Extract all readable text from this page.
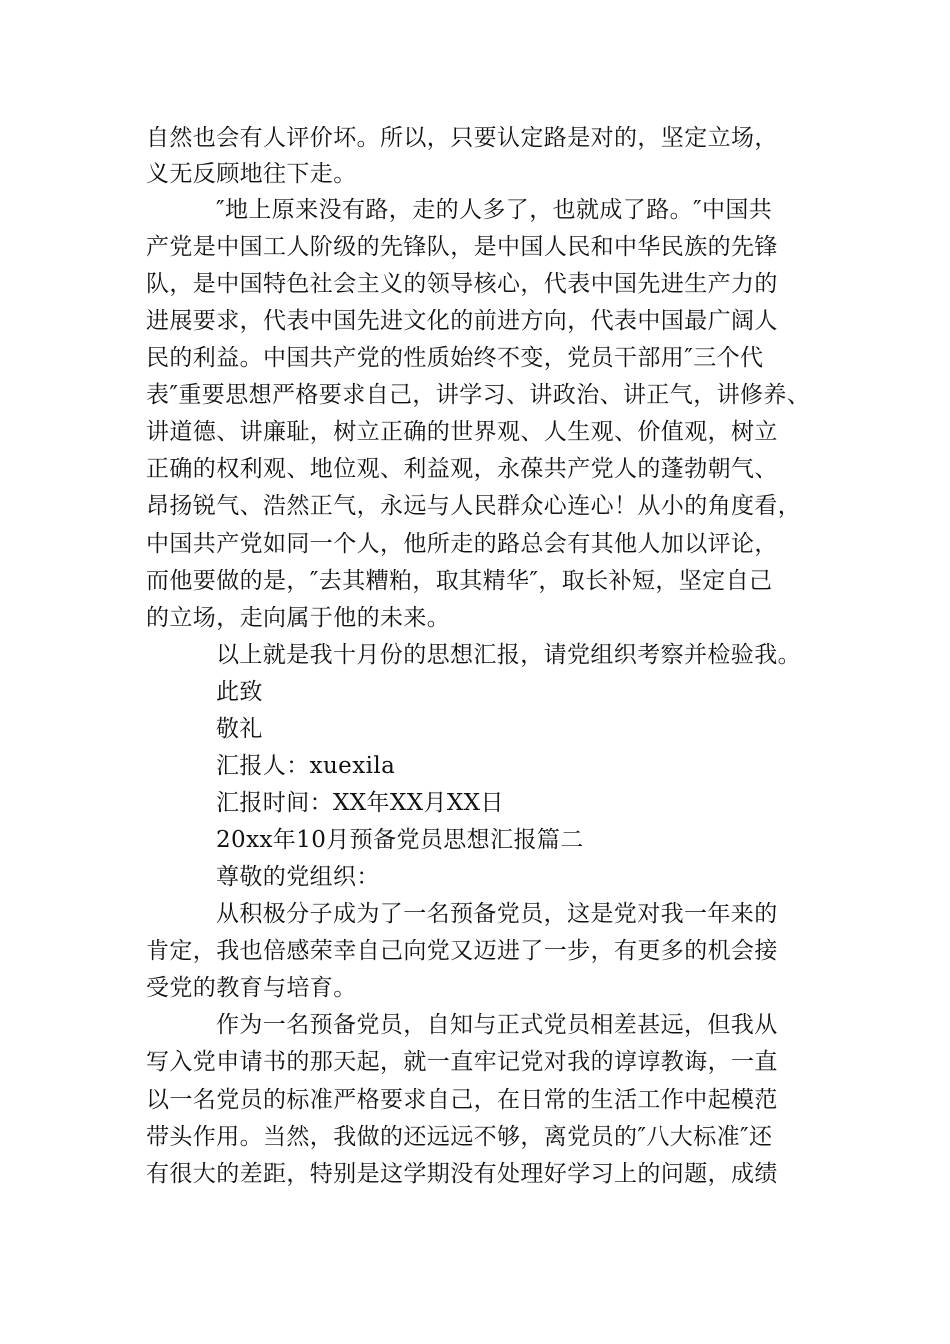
自然也会有人评价坏。所以，只要认定路是对的，坚定立场，
义无反顾地往下走。
″地上原来没有路，走的人多了，也就成了路。″中国共
产党是中国工人阶级的先锋队，是中国人民和中华民族的先锋
队，是中国特色社会主义的领导核心，代表中国先进生产力的
进展要求，代表中国先进文化的前进方向，代表中国最广阔人
民的利益。中国共产党的性质始终不变，党员干部用″三个代
表″重要思想严格要求自己，讲学习、讲政治、讲正气，讲修养、
讲道德、讲廉耻，树立正确的世界观、人生观、价值观，树立
正确的权利观、地位观、利益观，永葆共产党人的蓬勃朝气、
昂扬锐气、浩然正气，永远与人民群众心连心！从小的角度看，
中国共产党如同一个人，他所走的路总会有其他人加以评论，
而他要做的是，″去其糟粕，取其精华″，取长补短，坚定自己
的立场，走向属于他的未来。
以上就是我十月份的思想汇报，请党组织考察并检验我。
此致
敬礼
汇报人：xuexila
汇报时间：XX年XX月XX日
20xx年10月预备党员思想汇报篇二
尊敬的党组织：
从积极分子成为了一名预备党员，这是党对我一年来的
肯定，我也倍感荣幸自己向党又迈进了一步，有更多的机会接
受党的教育与培育。
作为一名预备党员，自知与正式党员相差甚远，但我从
写入党申请书的那天起，就一直牢记党对我的谆谆教诲，一直
以一名党员的标准严格要求自己，在日常的生活工作中起模范
带头作用。当然，我做的还远远不够，离党员的″八大标准″还
有很大的差距，特别是这学期没有处理好学习上的问题，成绩
